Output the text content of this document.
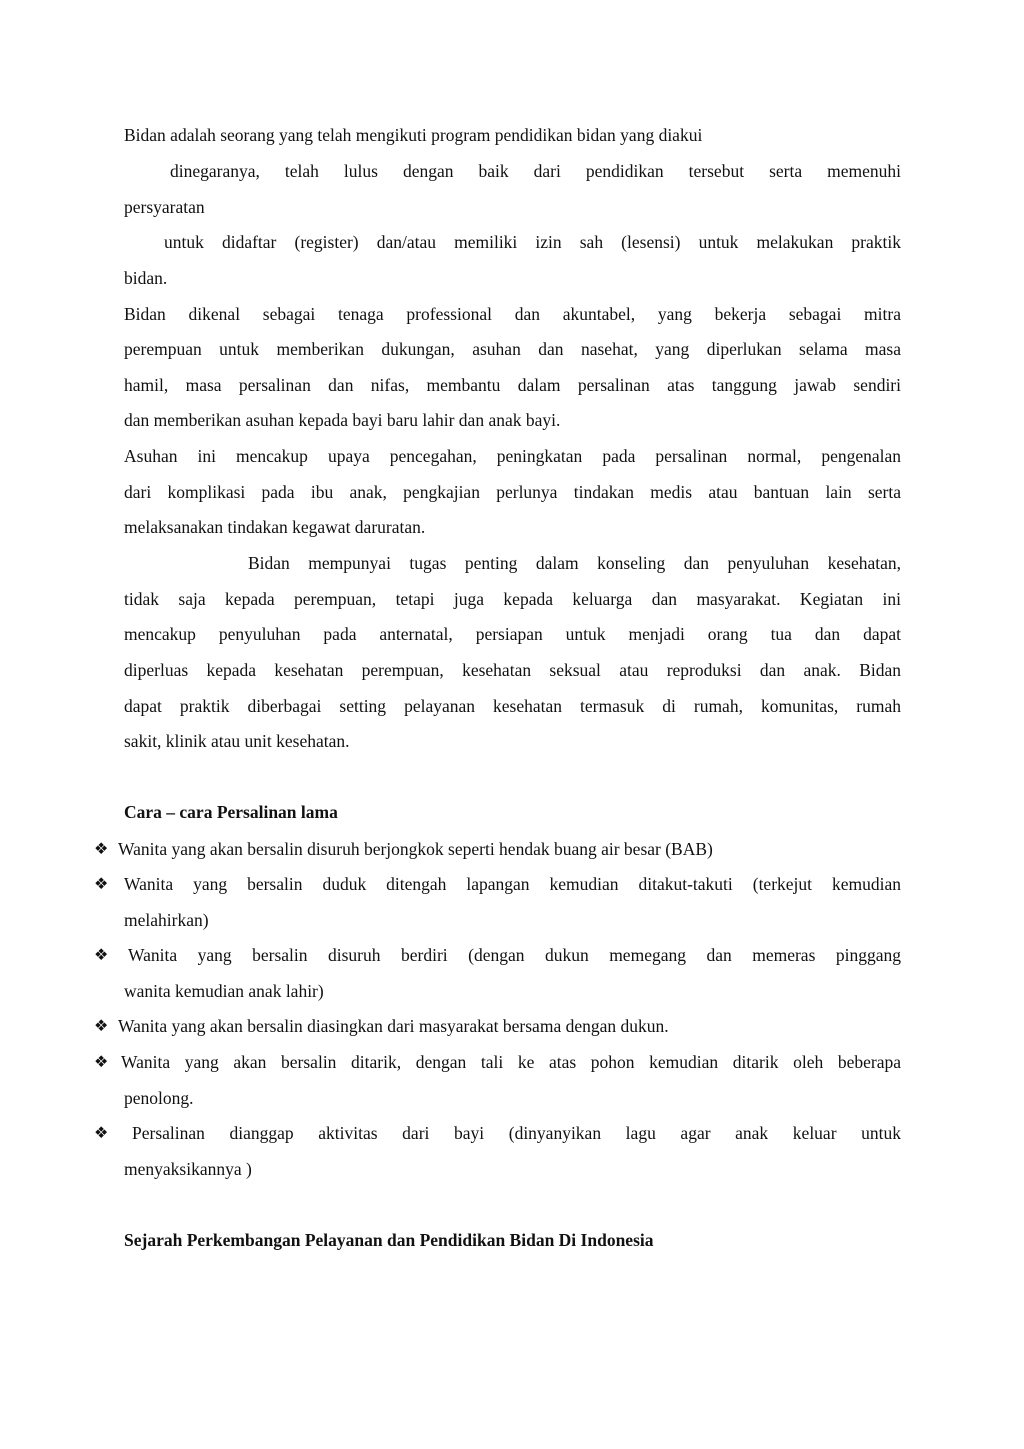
Bidan adalah seorang yang telah mengikuti program pendidikan bidan yang diakui
dinegaranya, telah lulus dengan baik dari pendidikan tersebut serta memenuhi
persyaratan
untuk didaftar (register) dan/atau memiliki izin sah (lesensi) untuk melakukan praktik
bidan.
Bidan dikenal sebagai tenaga professional dan akuntabel, yang bekerja sebagai mitra
perempuan untuk memberikan dukungan, asuhan dan nasehat, yang diperlukan selama masa
hamil, masa persalinan dan nifas, membantu dalam persalinan atas tanggung jawab sendiri
dan memberikan asuhan kepada bayi baru lahir dan anak bayi.
Asuhan ini mencakup upaya pencegahan, peningkatan pada persalinan normal, pengenalan
dari komplikasi pada ibu anak, pengkajian perlunya tindakan medis atau bantuan lain serta
melaksanakan tindakan kegawat daruratan.
Bidan mempunyai tugas penting dalam konseling dan penyuluhan kesehatan,
tidak saja kepada perempuan, tetapi juga kepada keluarga dan masyarakat. Kegiatan ini
mencakup penyuluhan pada anternatal, persiapan untuk menjadi orang tua dan dapat
diperluas kepada kesehatan perempuan, kesehatan seksual atau reproduksi dan anak. Bidan
dapat praktik diberbagai setting pelayanan kesehatan termasuk di rumah, komunitas, rumah
sakit, klinik atau unit kesehatan.
Cara – cara Persalinan lama
❖ Wanita yang akan bersalin disuruh berjongkok seperti hendak buang air besar (BAB)
❖ Wanita yang bersalin duduk ditengah lapangan kemudian ditakut-takuti (terkejut kemudian
melahirkan)
❖ Wanita yang bersalin disuruh berdiri (dengan dukun memegang dan memeras pinggang
wanita kemudian anak lahir)
❖ Wanita yang akan bersalin diasingkan dari masyarakat bersama dengan dukun.
❖ Wanita yang akan bersalin ditarik, dengan tali ke atas pohon kemudian ditarik oleh beberapa
penolong.
❖ Persalinan dianggap aktivitas dari bayi (dinyanyikan lagu agar anak keluar untuk
menyaksikannya )
Sejarah Perkembangan Pelayanan dan Pendidikan Bidan Di Indonesia
